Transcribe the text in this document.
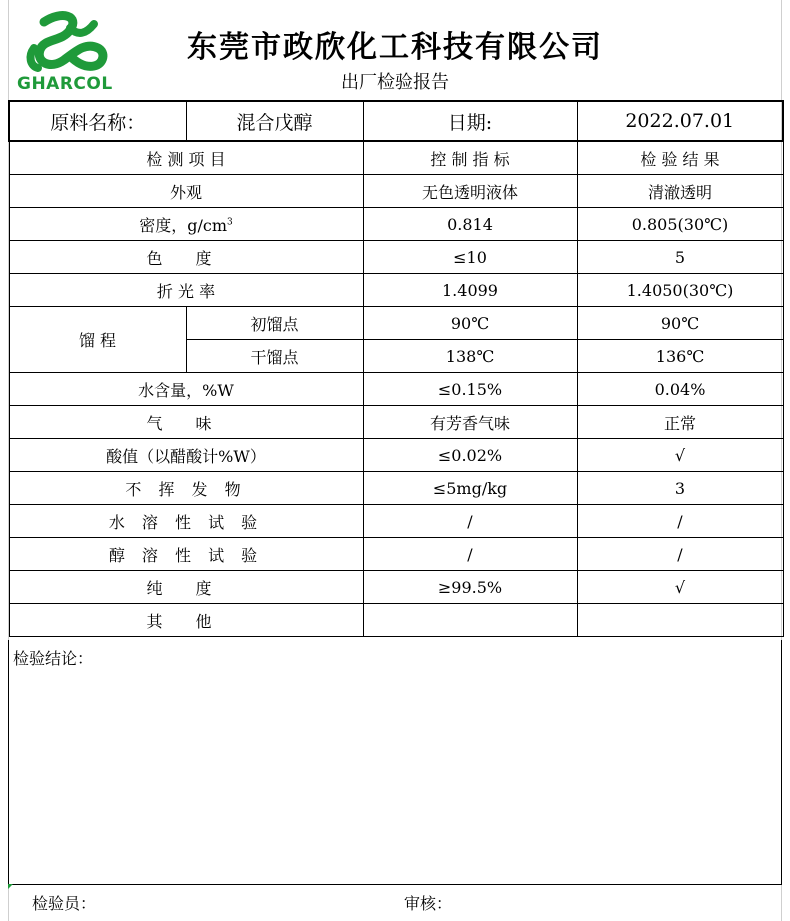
GHARCOL
东莞市政欣化工科技有限公司
出厂检验报告
原料名称：	混合戊醇	日期:	2022.07.01
检 测 项 目		控 制 指 标	检 验 结 果
外观		无色透明液体	清澈透明
密度，$g/cm^3$		0.814	0.805(30℃)
色 度		≤10	5
折 光 率		1.4099	1.4050(30℃)
馏 程	初馏点	90℃	90℃
	干馏点	138℃	136℃
水含量，%W		≤0.15%	0.04%
气 味		有芳香气味	正常
酸值（以醋酸计%W）		≤0.02%	√
不 挥 发 物		≤5mg/kg	3
水 溶 性 试 验		/	/
醇 溶 性 试 验		/	/
纯 度		≥99.5%	√
其 他			
检验结论：
检验员：	审核：
